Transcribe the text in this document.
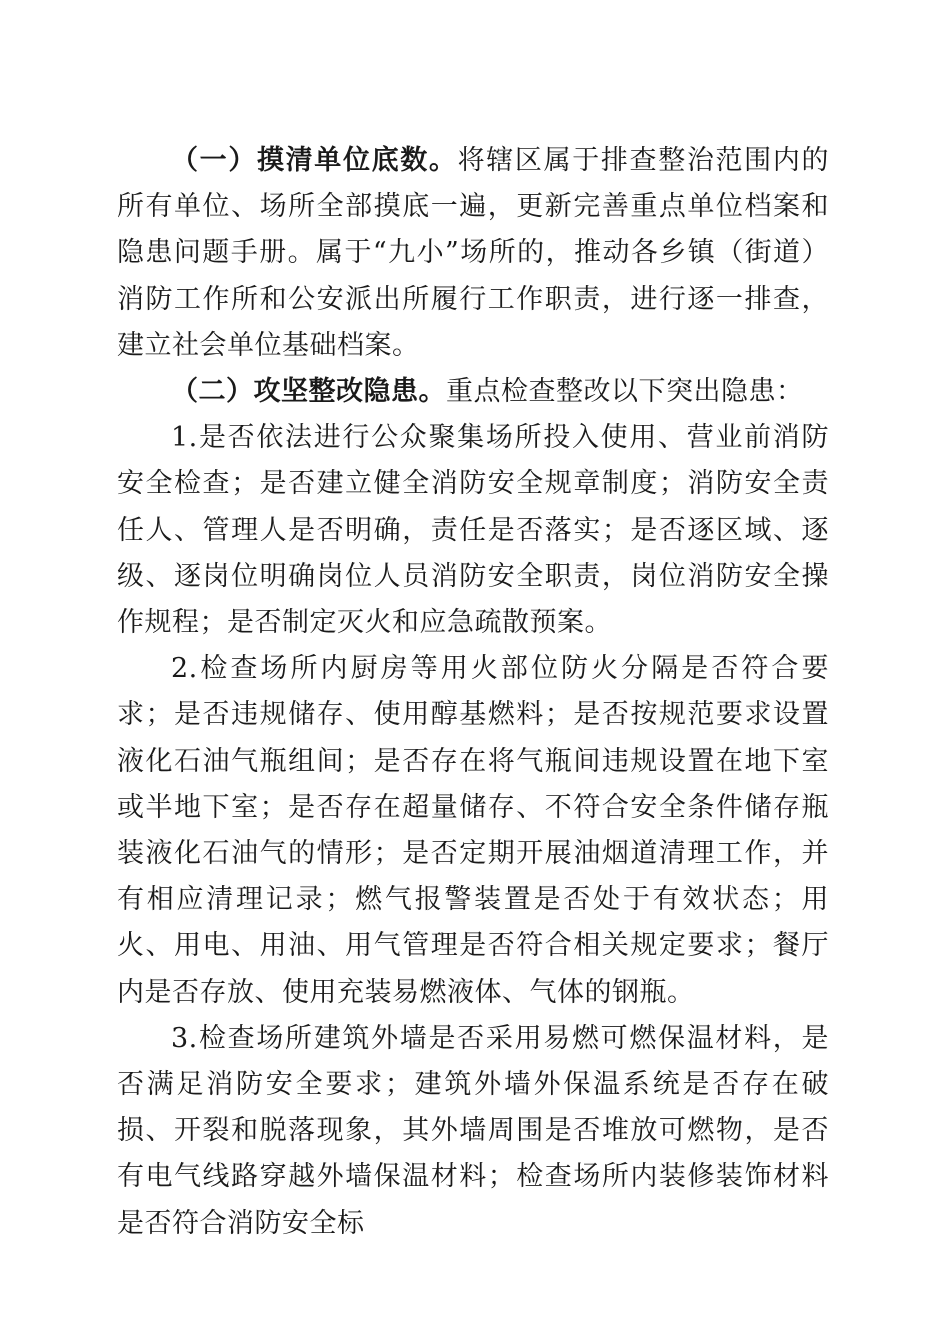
（一）摸清单位底数。将辖区属于排查整治范围内的所有单位、场所全部摸底一遍，更新完善重点单位档案和隐患问题手册。属于“九小”场所的，推动各乡镇（街道）消防工作所和公安派出所履行工作职责，进行逐一排查，建立社会单位基础档案。

（二）攻坚整改隐患。重点检查整改以下突出隐患：

1.是否依法进行公众聚集场所投入使用、营业前消防安全检查；是否建立健全消防安全规章制度；消防安全责任人、管理人是否明确，责任是否落实；是否逐区域、逐级、逐岗位明确岗位人员消防安全职责，岗位消防安全操作规程；是否制定灭火和应急疏散预案。

2.检查场所内厨房等用火部位防火分隔是否符合要求；是否违规储存、使用醇基燃料；是否按规范要求设置液化石油气瓶组间；是否存在将气瓶间违规设置在地下室或半地下室；是否存在超量储存、不符合安全条件储存瓶装液化石油气的情形；是否定期开展油烟道清理工作，并有相应清理记录；燃气报警装置是否处于有效状态；用火、用电、用油、用气管理是否符合相关规定要求；餐厅内是否存放、使用充装易燃液体、气体的钢瓶。

3.检查场所建筑外墙是否采用易燃可燃保温材料，是否满足消防安全要求；建筑外墙外保温系统是否存在破损、开裂和脱落现象，其外墙周围是否堆放可燃物，是否有电气线路穿越外墙保温材料；检查场所内装修装饰材料是否符合消防安全标
